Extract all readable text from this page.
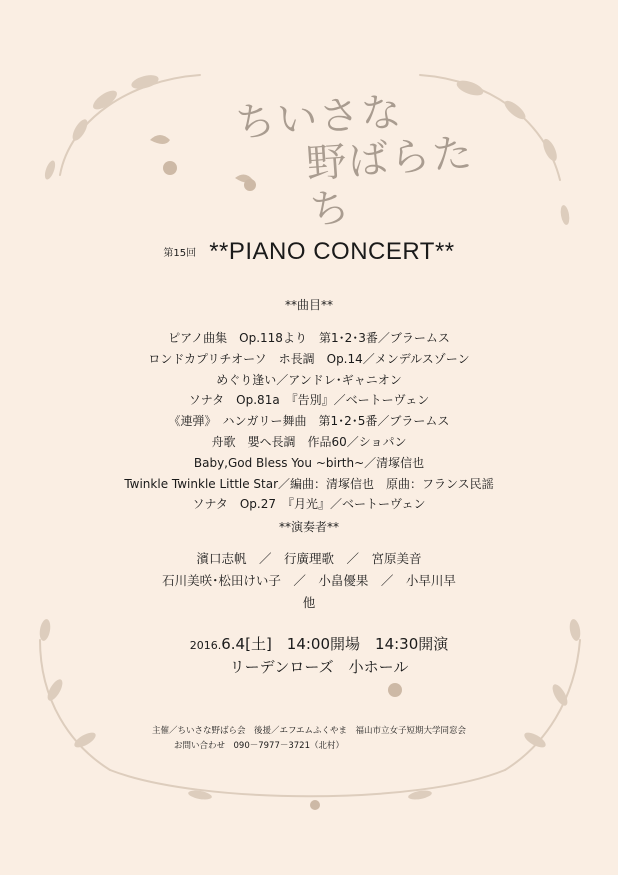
ちいさな
野ばらたち
第15回 **PIANO CONCERT**
**曲目**
ピアノ曲集　Op.118より　第1･2･3番／ブラームス
ロンドカプリチオーソ　ホ長調　Op.14／メンデルスゾーン
めぐり逢い／アンドレ･ギャニオン
ソナタ　Op.81a　『告別』／ベートーヴェン
《連弾》　ハンガリー舞曲　第1･2･5番／ブラームス
舟歌　嬰ヘ長調　作品60／ショパン
Baby,God Bless You ~birth~／清塚信也
Twinkle Twinkle Little Star／編曲：清塚信也　原曲：フランス民謡
ソナタ　Op.27　『月光』／ベートーヴェン
**演奏者**
濱口志帆　／　行廣理歌　／　宮原美音
石川美咲･松田けい子　／　小畠優果　／　小早川早
他
2016.6.4[土]　14:00開場　14:30開演
リーデンローズ　小ホール
主催／ちいさな野ばら会　後援／エフエムふくやま　福山市立女子短期大学同窓会
お問い合わせ　090－7977－3721（北村）
